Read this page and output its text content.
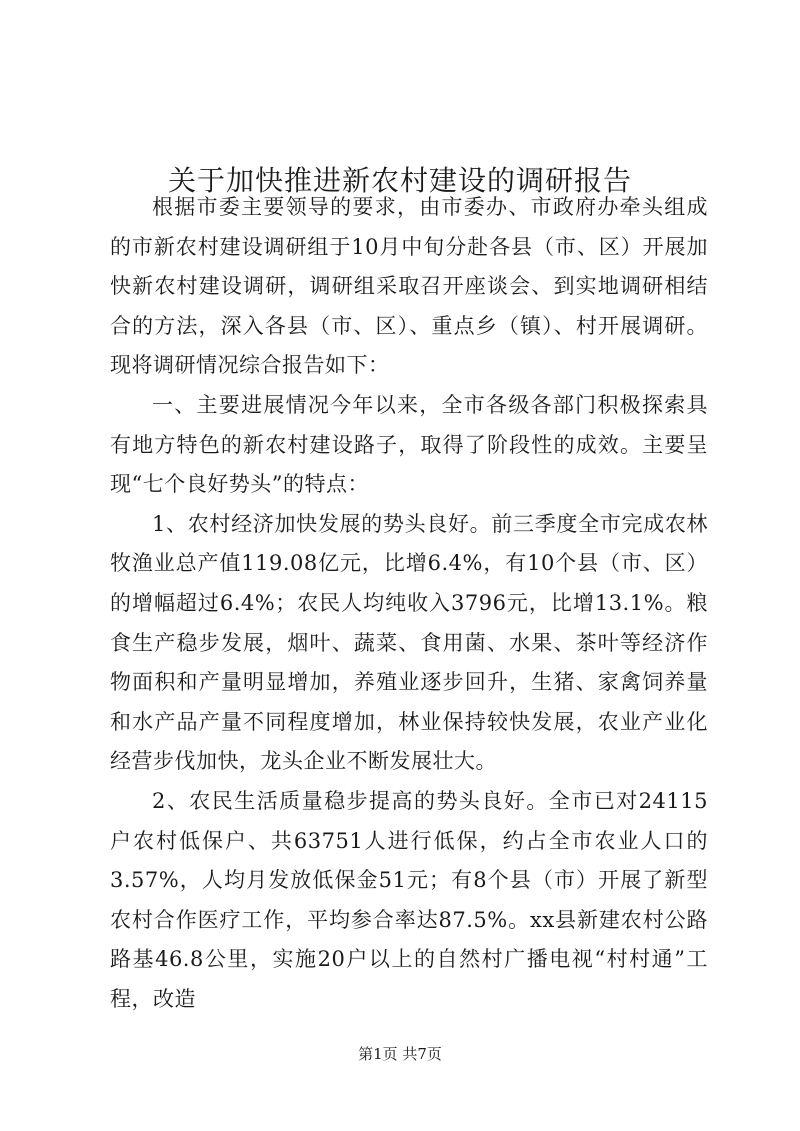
关于加快推进新农村建设的调研报告

根据市委主要领导的要求，由市委办、市政府办牵头组成的市新农村建设调研组于10月中旬分赴各县（市、区）开展加快新农村建设调研，调研组采取召开座谈会、到实地调研相结合的方法，深入各县（市、区）、重点乡（镇）、村开展调研。现将调研情况综合报告如下：

一、主要进展情况今年以来，全市各级各部门积极探索具有地方特色的新农村建设路子，取得了阶段性的成效。主要呈现“七个良好势头”的特点：

1、农村经济加快发展的势头良好。前三季度全市完成农林牧渔业总产值119.08亿元，比增6.4%，有10个县（市、区）的增幅超过6.4%；农民人均纯收入3796元，比增13.1%。粮食生产稳步发展，烟叶、蔬菜、食用菌、水果、茶叶等经济作物面积和产量明显增加，养殖业逐步回升，生猪、家禽饲养量和水产品产量不同程度增加，林业保持较快发展，农业产业化经营步伐加快，龙头企业不断发展壮大。

2、农民生活质量稳步提高的势头良好。全市已对24115户农村低保户、共63751人进行低保，约占全市农业人口的3.57%，人均月发放低保金51元；有8个县（市）开展了新型农村合作医疗工作，平均参合率达87.5%。xx县新建农村公路路基46.8公里，实施20户以上的自然村广播电视“村村通”工程，改造

第1页 共7页
